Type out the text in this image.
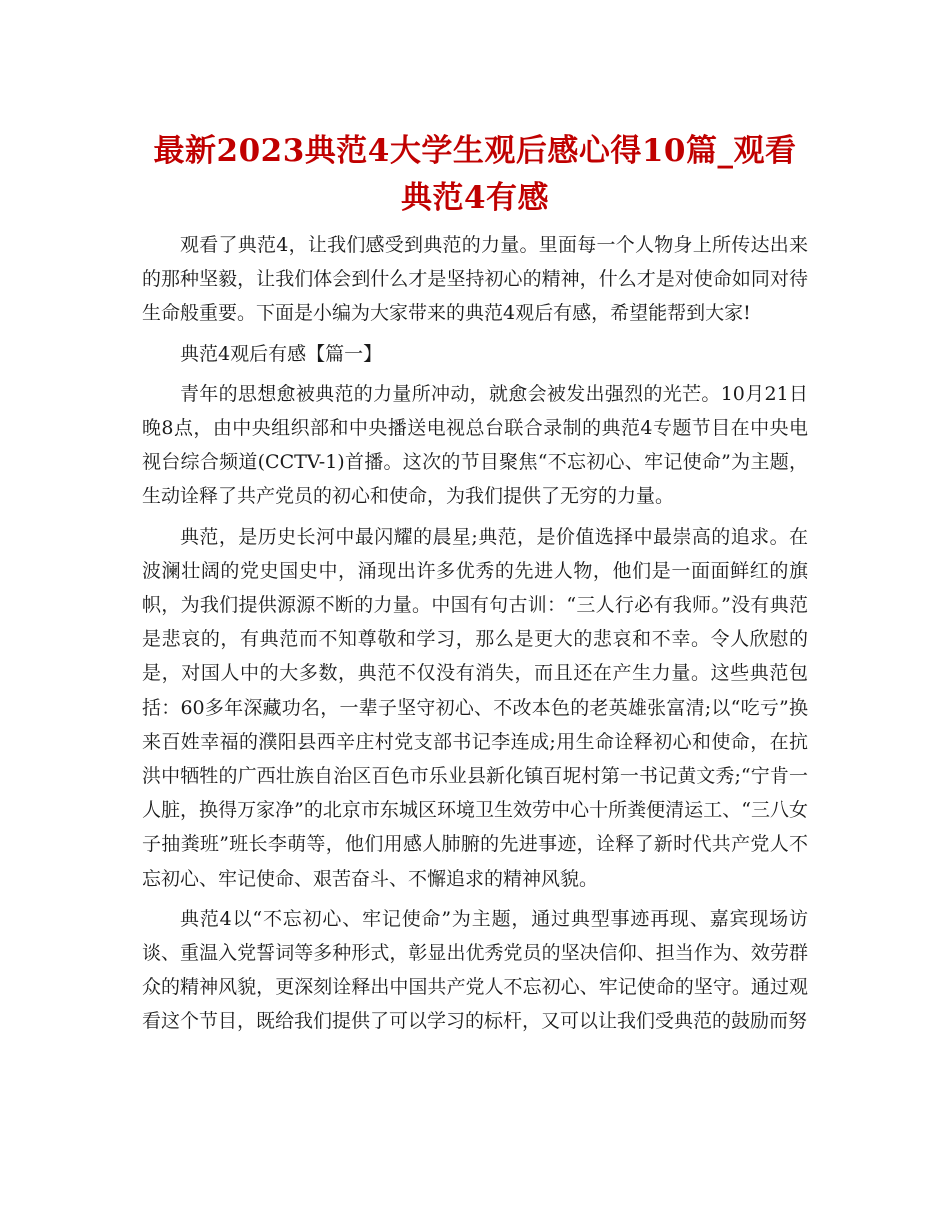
最新2023典范4大学生观后感心得10篇_观看典范4有感

观看了典范4，让我们感受到典范的力量。里面每一个人物身上所传达出来的那种坚毅，让我们体会到什么才是坚持初心的精神，什么才是对使命如同对待生命般重要。下面是小编为大家带来的典范4观后有感，希望能帮到大家!

典范4观后有感【篇一】

青年的思想愈被典范的力量所冲动，就愈会被发出强烈的光芒。10月21日晚8点，由中央组织部和中央播送电视总台联合录制的典范4专题节目在中央电视台综合频道(CCTV-1)首播。这次的节目聚焦“不忘初心、牢记使命”为主题，生动诠释了共产党员的初心和使命，为我们提供了无穷的力量。

典范，是历史长河中最闪耀的晨星;典范，是价值选择中最崇高的追求。在波澜壮阔的党史国史中，涌现出许多优秀的先进人物，他们是一面面鲜红的旗帜，为我们提供源源不断的力量。中国有句古训：“三人行必有我师。”没有典范是悲哀的，有典范而不知尊敬和学习，那么是更大的悲哀和不幸。令人欣慰的是，对国人中的大多数，典范不仅没有消失，而且还在产生力量。这些典范包括：60多年深藏功名，一辈子坚守初心、不改本色的老英雄张富清;以“吃亏”换来百姓幸福的濮阳县西辛庄村党支部书记李连成;用生命诠释初心和使命，在抗洪中牺牲的广西壮族自治区百色市乐业县新化镇百坭村第一书记黄文秀;“宁肯一人脏，换得万家净”的北京市东城区环境卫生效劳中心十所粪便清运工、“三八女子抽粪班”班长李萌等，他们用感人肺腑的先进事迹，诠释了新时代共产党人不忘初心、牢记使命、艰苦奋斗、不懈追求的精神风貌。

典范4以“不忘初心、牢记使命”为主题，通过典型事迹再现、嘉宾现场访谈、重温入党誓词等多种形式，彰显出优秀党员的坚决信仰、担当作为、效劳群众的精神风貌，更深刻诠释出中国共产党人不忘初心、牢记使命的坚守。通过观看这个节目，既给我们提供了可以学习的标杆，又可以让我们受典范的鼓励而努
